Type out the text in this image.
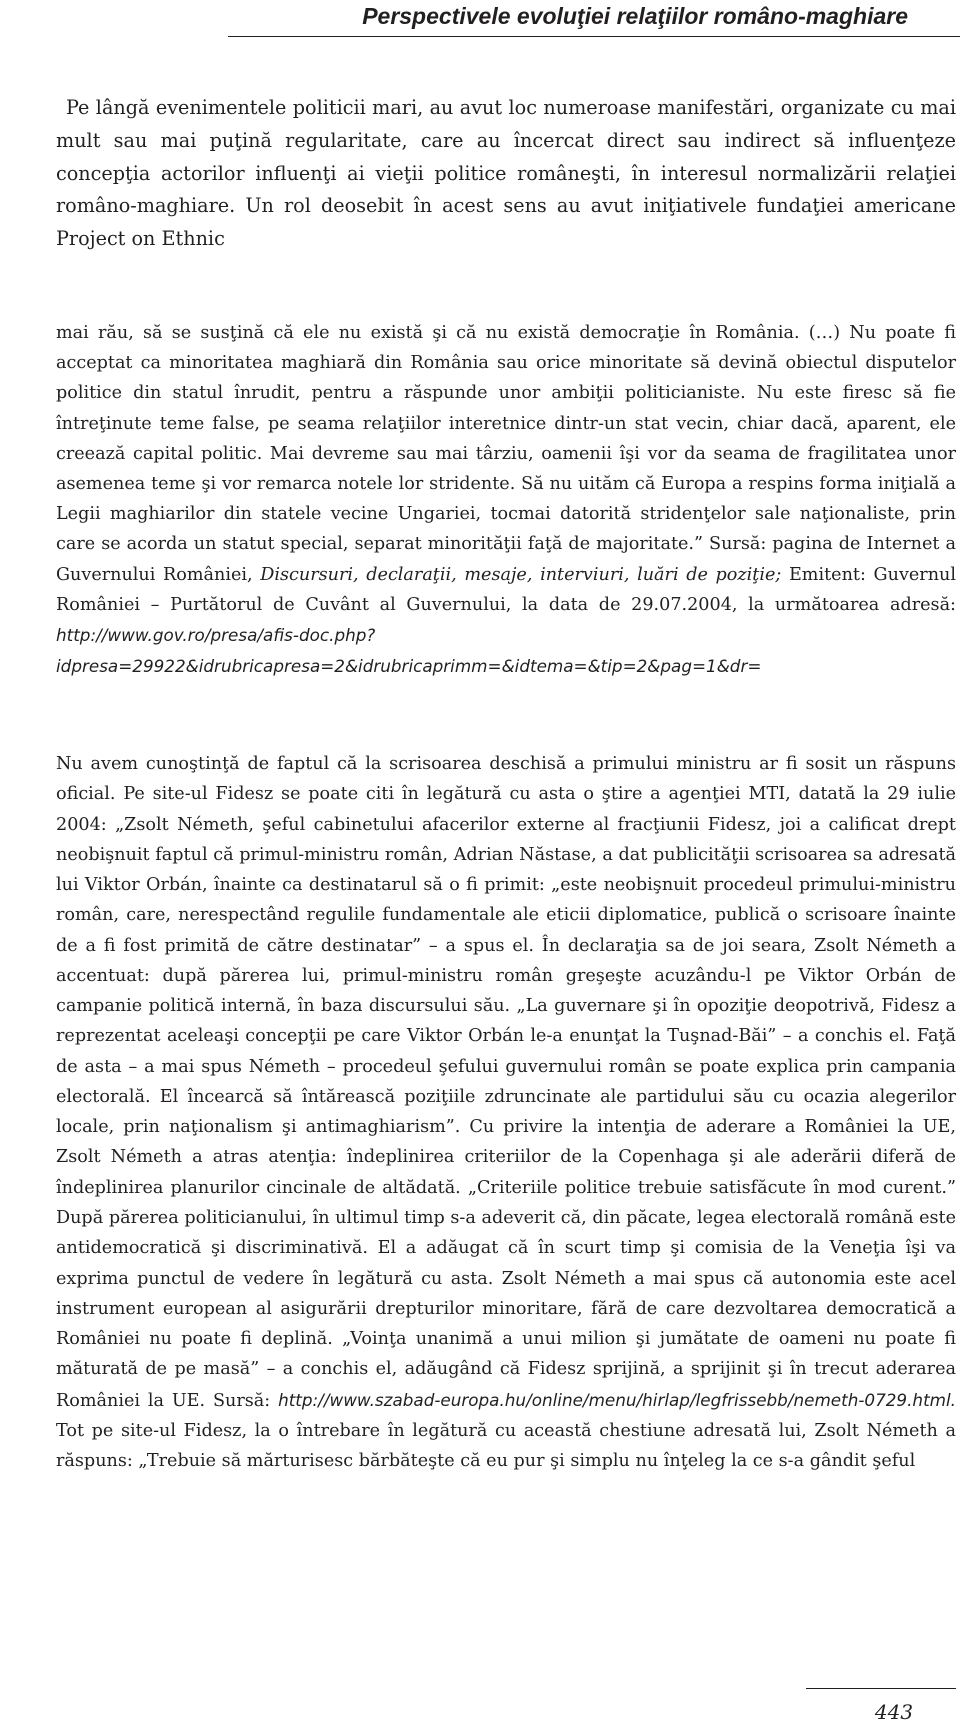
Perspectivele evoluţiei relaţiilor româno-maghiare

Pe lângă evenimentele politicii mari, au avut loc numeroase manifestări, organizate cu mai mult sau mai puţină regularitate, care au încercat direct sau indirect să influenţeze concepţia actorilor influenţi ai vieţii politice româneşti, în interesul normalizării relaţiei româno-maghiare. Un rol deosebit în acest sens au avut iniţiativele fundaţiei americane Project on Ethnic

mai rău, să se susţină că ele nu există şi că nu există democraţie în România. (…) Nu poate fi acceptat ca minoritatea maghiară din România sau orice minoritate să devină obiectul disputelor politice din statul înrudit, pentru a răspunde unor ambiţii politicianiste. Nu este firesc să fie întreţinute teme false, pe seama relaţiilor interetnice dintr-un stat vecin, chiar dacă, aparent, ele creează capital politic. Mai devreme sau mai târziu, oamenii îşi vor da seama de fragilitatea unor asemenea teme şi vor remarca notele lor stridente. Să nu uităm că Europa a respins forma iniţială a Legii maghiarilor din statele vecine Ungariei, tocmai datorită stridenţelor sale naţionaliste, prin care se acorda un statut special, separat minorităţii faţă de majoritate.” Sursă: pagina de Internet a Guvernului României, Discursuri, declaraţii, mesaje, interviuri, luări de poziţie; Emitent: Guvernul României – Purtătorul de Cuvânt al Guvernului, la data de 29.07.2004, la următoarea adresă: http://www.gov.ro/presa/afis-doc.php?idpresa=29922&idrubricapresa=2&idrubricaprimm=&idtema=&tip=2&pag=1&dr=

Nu avem cunoştinţă de faptul că la scrisoarea deschisă a primului ministru ar fi sosit un răspuns oficial. Pe site-ul Fidesz se poate citi în legătură cu asta o ştire a agenţiei MTI, datată la 29 iulie 2004: „Zsolt Németh, şeful cabinetului afacerilor externe al fracţiunii Fidesz, joi a calificat drept neobişnuit faptul că primul-ministru român, Adrian Năstase, a dat publicităţii scrisoarea sa adresată lui Viktor Orbán, înainte ca destinatarul să o fi primit: „este neobişnuit procedeul primului-ministru român, care, nerespectând regulile fundamentale ale eticii diplomatice, publică o scrisoare înainte de a fi fost primită de către destinatar” – a spus el. În declaraţia sa de joi seara, Zsolt Németh a accentuat: după părerea lui, primul-ministru român greşeşte acuzându-l pe Viktor Orbán de campanie politică internă, în baza discursului său. „La guvernare şi în opoziţie deopotrivă, Fidesz a reprezentat aceleaşi concepţii pe care Viktor Orbán le-a enunţat la Tuşnad-Băi” – a conchis el. Faţă de asta – a mai spus Németh – procedeul şefului guvernului român se poate explica prin campania electorală. El încearcă să întărească poziţiile zdruncinate ale partidului său cu ocazia alegerilor locale, prin naţionalism şi antimaghiarism”. Cu privire la intenţia de aderare a României la UE, Zsolt Németh a atras atenţia: îndeplinirea criteriilor de la Copenhaga şi ale aderării diferă de îndeplinirea planurilor cincinale de altădată. „Criteriile politice trebuie satisfăcute în mod curent.” După părerea politicianului, în ultimul timp s-a adeverit că, din păcate, legea electorală română este antidemocratică şi discriminativă. El a adăugat că în scurt timp şi comisia de la Veneţia îşi va exprima punctul de vedere în legătură cu asta. Zsolt Németh a mai spus că autonomia este acel instrument european al asigurării drepturilor minoritare, fără de care dezvoltarea democratică a României nu poate fi deplină. „Voinţa unanimă a unui milion şi jumătate de oameni nu poate fi măturată de pe masă” – a conchis el, adăugând că Fidesz sprijină, a sprijinit şi în trecut aderarea României la UE. Sursă: http://www.szabad-europa.hu/online/menu/hirlap/legfrissebb/nemeth-0729.html. Tot pe site-ul Fidesz, la o întrebare în legătură cu această chestiune adresată lui, Zsolt Németh a răspuns: „Trebuie să mărturisesc bărbăteşte că eu pur şi simplu nu înţeleg la ce s-a gândit şeful

443
